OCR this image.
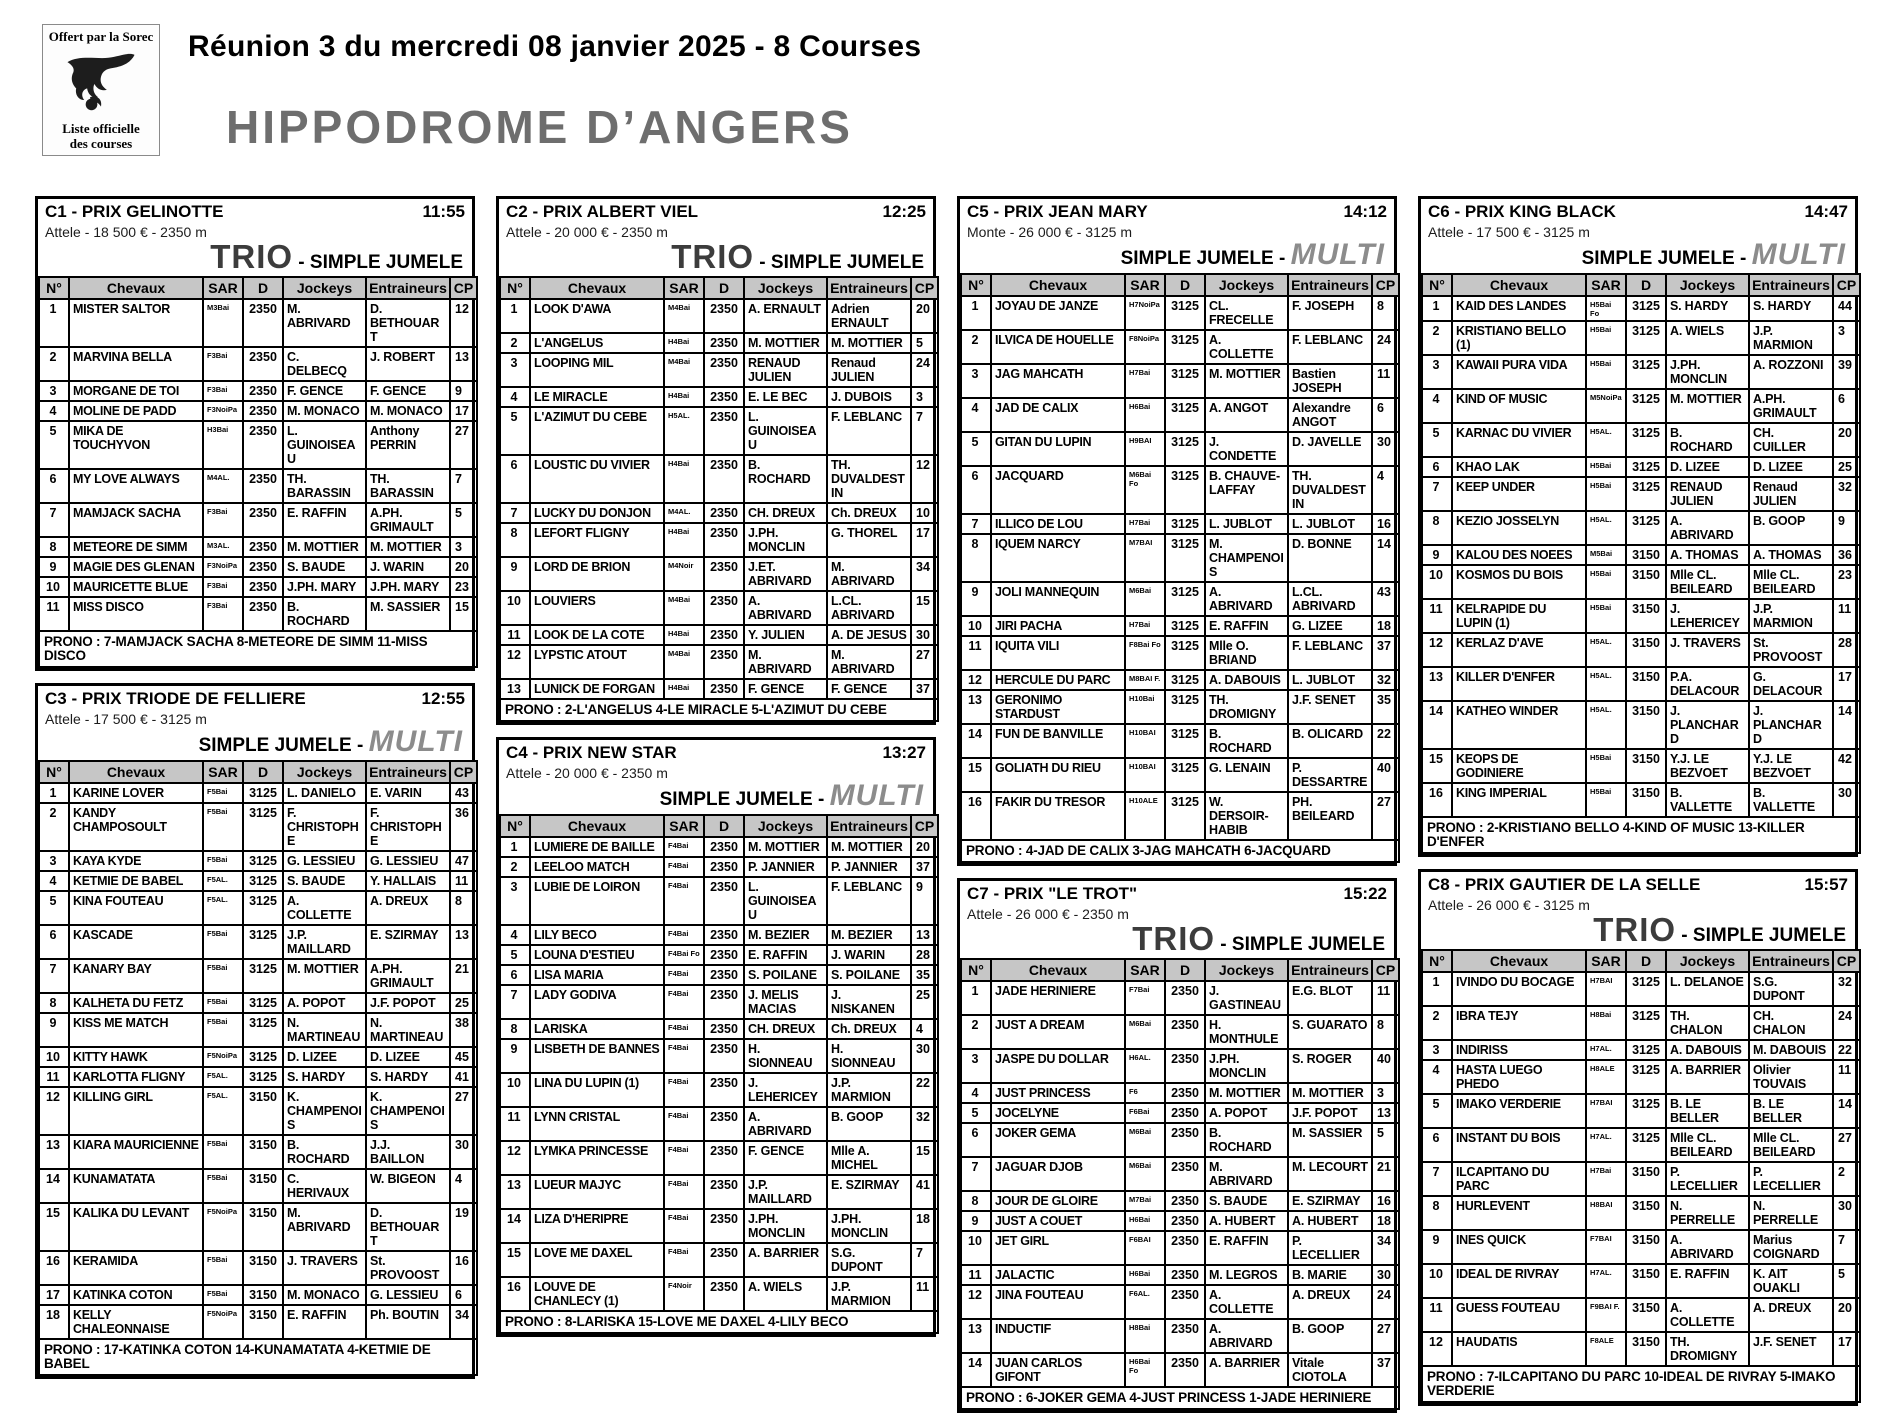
Offert par la Sorec
Liste officielle
des courses
Réunion 3 du mercredi 08 janvier 2025 - 8 Courses
HIPPODROME D’ANGERS
C1 - PRIX GELINOTTE	11:55
Attele - 18 500 € - 2350 m
TRIO - SIMPLE JUMELE
N°	Chevaux	SAR	D	Jockeys	Entraineurs	CP
1	MISTER SALTOR	M3Bai	2350	M. ABRIVARD	D. BETHOUART	12
2	MARVINA BELLA	F3Bai	2350	C. DELBECQ	J. ROBERT	13
3	MORGANE DE TOI	F3Bai	2350	F. GENCE	F. GENCE	9
4	MOLINE DE PADD	F3NoiPa	2350	M. MONACO	M. MONACO	17
5	MIKA DE TOUCHYVON	H3Bai	2350	L. GUINOISEAU	Anthony PERRIN	27
6	MY LOVE ALWAYS	M4AL.	2350	TH. BARASSIN	TH. BARASSIN	7
7	MAMJACK SACHA	F3Bai	2350	E. RAFFIN	A.PH. GRIMAULT	5
8	METEORE DE SIMM	M3AL.	2350	M. MOTTIER	M. MOTTIER	3
9	MAGIE DES GLENAN	F3NoiPa	2350	S. BAUDE	J. WARIN	20
10	MAURICETTE BLUE	F3Bai	2350	J.PH. MARY	J.PH. MARY	23
11	MISS DISCO	F3Bai	2350	B. ROCHARD	M. SASSIER	15
PRONO : 7-MAMJACK SACHA 8-METEORE DE SIMM 11-MISS DISCO						
C3 - PRIX TRIODE DE FELLIERE	12:55
Attele - 17 500 € - 3125 m
SIMPLE JUMELE - MULTI
N°	Chevaux	SAR	D	Jockeys	Entraineurs	CP
1	KARINE LOVER	F5Bai	3125	L. DANIELO	E. VARIN	43
2	KANDY CHAMPOSOULT	F5Bai	3125	F. CHRISTOPHE	F. CHRISTOPHE	36
3	KAYA KYDE	F5Bai	3125	G. LESSIEU	G. LESSIEU	47
4	KETMIE DE BABEL	F5AL.	3125	S. BAUDE	Y. HALLAIS	11
5	KINA FOUTEAU	F5AL.	3125	A. COLLETTE	A. DREUX	8
6	KASCADE	F5Bai	3125	J.P. MAILLARD	E. SZIRMAY	13
7	KANARY BAY	F5Bai	3125	M. MOTTIER	A.PH. GRIMAULT	21
8	KALHETA DU FETZ	F5Bai	3125	A. POPOT	J.F. POPOT	25
9	KISS ME MATCH	F5Bai	3125	N. MARTINEAU	N. MARTINEAU	38
10	KITTY HAWK	F5NoiPa	3125	D. LIZEE	D. LIZEE	45
11	KARLOTTA FLIGNY	F5AL.	3125	S. HARDY	S. HARDY	41
12	KILLING GIRL	F5AL.	3150	K. CHAMPENOIS	K. CHAMPENOIS	27
13	KIARA MAURICIENNE	F5Bai	3150	B. ROCHARD	J.J. BAILLON	30
14	KUNAMATATA	F5Bai	3150	C. HERIVAUX	W. BIGEON	4
15	KALIKA DU LEVANT	F5NoiPa	3150	M. ABRIVARD	D. BETHOUART	19
16	KERAMIDA	F5Bai	3150	J. TRAVERS	St. PROVOOST	16
17	KATINKA COTON	F5Bai	3150	M. MONACO	G. LESSIEU	6
18	KELLY CHALEONNAISE	F5NoiPa	3150	E. RAFFIN	Ph. BOUTIN	34
PRONO : 17-KATINKA COTON 14-KUNAMATATA 4-KETMIE DE BABEL						
C2 - PRIX ALBERT VIEL	12:25
Attele - 20 000 € - 2350 m
TRIO - SIMPLE JUMELE
N°	Chevaux	SAR	D	Jockeys	Entraineurs	CP
1	LOOK D'AWA	M4Bai	2350	A. ERNAULT	Adrien ERNAULT	20
2	L'ANGELUS	H4Bai	2350	M. MOTTIER	M. MOTTIER	5
3	LOOPING MIL	M4Bai	2350	RENAUD JULIEN	Renaud JULIEN	24
4	LE MIRACLE	H4Bai	2350	E. LE BEC	J. DUBOIS	3
5	L'AZIMUT DU CEBE	H5AL.	2350	L. GUINOISEAU	F. LEBLANC	7
6	LOUSTIC DU VIVIER	H4Bai	2350	B. ROCHARD	TH. DUVALDESTIN	12
7	LUCKY DU DONJON	M4AL.	2350	CH. DREUX	Ch. DREUX	10
8	LEFORT FLIGNY	H4Bai	2350	J.PH. MONCLIN	G. THOREL	17
9	LORD DE BRION	M4Noir	2350	J.ET. ABRIVARD	M. ABRIVARD	34
10	LOUVIERS	M4Bai	2350	A. ABRIVARD	L.CL. ABRIVARD	15
11	LOOK DE LA COTE	H4Bai	2350	Y. JULIEN	A. DE JESUS	30
12	LYPSTIC ATOUT	M4Bai	2350	M. ABRIVARD	M. ABRIVARD	27
13	LUNICK DE FORGAN	H4Bai	2350	F. GENCE	F. GENCE	37
PRONO : 2-L'ANGELUS 4-LE MIRACLE 5-L'AZIMUT DU CEBE						
C4 - PRIX NEW STAR	13:27
Attele - 20 000 € - 2350 m
SIMPLE JUMELE - MULTI
N°	Chevaux	SAR	D	Jockeys	Entraineurs	CP
1	LUMIERE DE BAILLE	F4Bai	2350	M. MOTTIER	M. MOTTIER	20
2	LEELOO MATCH	F4Bai	2350	P. JANNIER	P. JANNIER	37
3	LUBIE DE LOIRON	F4Bai	2350	L. GUINOISEAU	F. LEBLANC	9
4	LILY BECO	F4Bai	2350	M. BEZIER	M. BEZIER	13
5	LOUNA D'ESTIEU	F4Bai Fo	2350	E. RAFFIN	J. WARIN	28
6	LISA MARIA	F4Bai	2350	S. POILANE	S. POILANE	35
7	LADY GODIVA	F4Bai	2350	J. MELIS MACIAS	J. NISKANEN	25
8	LARISKA	F4Bai	2350	CH. DREUX	Ch. DREUX	4
9	LISBETH DE BANNES	F4Bai	2350	H. SIONNEAU	H. SIONNEAU	30
10	LINA DU LUPIN (1)	F4Bai	2350	J. LEHERICEY	J.P. MARMION	22
11	LYNN CRISTAL	F4Bai	2350	A. ABRIVARD	B. GOOP	32
12	LYMKA PRINCESSE	F4Bai	2350	F. GENCE	Mlle A. MICHEL	15
13	LUEUR MAJYC	F4Bai	2350	J.P. MAILLARD	E. SZIRMAY	41
14	LIZA D'HERIPRE	F4Bai	2350	J.PH. MONCLIN	J.PH. MONCLIN	18
15	LOVE ME DAXEL	F4Bai	2350	A. BARRIER	S.G. DUPONT	7
16	LOUVE DE CHANLECY (1)	F4Noir	2350	A. WIELS	J.P. MARMION	11
PRONO : 8-LARISKA 15-LOVE ME DAXEL 4-LILY BECO						
C5 - PRIX JEAN MARY	14:12
Monte - 26 000 € - 3125 m
SIMPLE JUMELE - MULTI
N°	Chevaux	SAR	D	Jockeys	Entraineurs	CP
1	JOYAU DE JANZE	H7NoiPa	3125	CL. FRECELLE	F. JOSEPH	8
2	ILVICA DE HOUELLE	F8NoiPa	3125	A. COLLETTE	F. LEBLANC	24
3	JAG MAHCATH	H7Bai	3125	M. MOTTIER	Bastien JOSEPH	11
4	JAD DE CALIX	H6Bai	3125	A. ANGOT	Alexandre ANGOT	6
5	GITAN DU LUPIN	H9BAI	3125	J. CONDETTE	D. JAVELLE	30
6	JACQUARD	M6Bai Fo	3125	B. CHAUVE-LAFFAY	TH. DUVALDESTIN	4
7	ILLICO DE LOU	H7Bai	3125	L. JUBLOT	L. JUBLOT	16
8	IQUEM NARCY	M7BAI	3125	M. CHAMPENOIS	D. BONNE	14
9	JOLI MANNEQUIN	M6Bai	3125	A. ABRIVARD	L.CL. ABRIVARD	43
10	JIRI PACHA	H7Bai	3125	E. RAFFIN	G. LIZEE	18
11	IQUITA VILI	F8Bai Fo	3125	Mlle O. BRIAND	F. LEBLANC	37
12	HERCULE DU PARC	M8BAI F.	3125	A. DABOUIS	L. JUBLOT	32
13	GERONIMO STARDUST	H10Bai	3125	TH. DROMIGNY	J.F. SENET	35
14	FUN DE BANVILLE	H10BAI	3125	B. ROCHARD	B. OLICARD	22
15	GOLIATH DU RIEU	H10BAI	3125	G. LENAIN	P. DESSARTRE	40
16	FAKIR DU TRESOR	H10ALE	3125	W. DERSOIR-HABIB	PH. BEILEARD	27
PRONO : 4-JAD DE CALIX 3-JAG MAHCATH 6-JACQUARD						
C7 - PRIX "LE TROT"	15:22
Attele - 26 000 € - 2350 m
TRIO - SIMPLE JUMELE
N°	Chevaux	SAR	D	Jockeys	Entraineurs	CP
1	JADE HERINIERE	F7Bai	2350	J. GASTINEAU	E.G. BLOT	11
2	JUST A DREAM	M6Bai	2350	H. MONTHULE	S. GUARATO	8
3	JASPE DU DOLLAR	H6AL.	2350	J.PH. MONCLIN	S. ROGER	40
4	JUST PRINCESS	F6	2350	M. MOTTIER	M. MOTTIER	3
5	JOCELYNE	F6Bai	2350	A. POPOT	J.F. POPOT	13
6	JOKER GEMA	M6Bai	2350	B. ROCHARD	M. SASSIER	5
7	JAGUAR DJOB	M6Bai	2350	M. ABRIVARD	M. LECOURT	21
8	JOUR DE GLOIRE	M7Bai	2350	S. BAUDE	E. SZIRMAY	16
9	JUST A COUET	H6Bai	2350	A. HUBERT	A. HUBERT	18
10	JET GIRL	F6BAI	2350	E. RAFFIN	P. LECELLIER	34
11	JALACTIC	H6Bai	2350	M. LEGROS	B. MARIE	30
12	JINA FOUTEAU	F6AL.	2350	A. COLLETTE	A. DREUX	24
13	INDUCTIF	H8Bai	2350	A. ABRIVARD	B. GOOP	27
14	JUAN CARLOS GIFONT	H6Bai Fo	2350	A. BARRIER	Vitale CIOTOLA	37
PRONO : 6-JOKER GEMA 4-JUST PRINCESS 1-JADE HERINIERE						
C6 - PRIX KING BLACK	14:47
Attele - 17 500 € - 3125 m
SIMPLE JUMELE - MULTI
N°	Chevaux	SAR	D	Jockeys	Entraineurs	CP
1	KAID DES LANDES	H5Bai Fo	3125	S. HARDY	S. HARDY	44
2	KRISTIANO BELLO (1)	H5Bai	3125	A. WIELS	J.P. MARMION	3
3	KAWAII PURA VIDA	H5Bai	3125	J.PH. MONCLIN	A. ROZZONI	39
4	KIND OF MUSIC	M5NoiPa	3125	M. MOTTIER	A.PH. GRIMAULT	6
5	KARNAC DU VIVIER	H5AL.	3125	B. ROCHARD	CH. CUILLER	20
6	KHAO LAK	H5Bai	3125	D. LIZEE	D. LIZEE	25
7	KEEP UNDER	H5Bai	3125	RENAUD JULIEN	Renaud JULIEN	32
8	KEZIO JOSSELYN	H5AL.	3125	A. ABRIVARD	B. GOOP	9
9	KALOU DES NOEES	M5Bai	3150	A. THOMAS	A. THOMAS	36
10	KOSMOS DU BOIS	H5Bai	3150	Mlle CL. BEILEARD	Mlle CL. BEILEARD	23
11	KELRAPIDE DU LUPIN (1)	H5Bai	3150	J. LEHERICEY	J.P. MARMION	11
12	KERLAZ D'AVE	H5AL.	3150	J. TRAVERS	St. PROVOOST	28
13	KILLER D'ENFER	H5AL.	3150	P.A. DELACOUR	G. DELACOUR	17
14	KATHEO WINDER	H5AL.	3150	J. PLANCHARD	J. PLANCHARD	14
15	KEOPS DE GODINIERE	H5Bai	3150	Y.J. LE BEZVOET	Y.J. LE BEZVOET	42
16	KING IMPERIAL	H5Bai	3150	B. VALLETTE	B. VALLETTE	30
PRONO : 2-KRISTIANO BELLO 4-KIND OF MUSIC 13-KILLER D'ENFER						
C8 - PRIX GAUTIER DE LA SELLE	15:57
Attele - 26 000 € - 3125 m
TRIO - SIMPLE JUMELE
N°	Chevaux	SAR	D	Jockeys	Entraineurs	CP
1	IVINDO DU BOCAGE	H7BAI	3125	L. DELANOE	S.G. DUPONT	32
2	IBRA TEJY	H8Bai	3125	TH. CHALON	CH. CHALON	24
3	INDIRISS	H7AL.	3125	A. DABOUIS	M. DABOUIS	22
4	HASTA LUEGO PHEDO	H8ALE	3125	A. BARRIER	Olivier TOUVAIS	11
5	IMAKO VERDERIE	H7BAI	3125	B. LE BELLER	B. LE BELLER	14
6	INSTANT DU BOIS	H7AL.	3125	Mlle CL. BEILEARD	Mlle CL. BEILEARD	27
7	ILCAPITANO DU PARC	H7Bai	3150	P. LECELLIER	P. LECELLIER	2
8	HURLEVENT	H8BAI	3150	N. PERRELLE	N. PERRELLE	30
9	INES QUICK	F7BAI	3150	A. ABRIVARD	Marius COIGNARD	7
10	IDEAL DE RIVRAY	H7AL.	3150	E. RAFFIN	K. AIT OUAKLI	5
11	GUESS FOUTEAU	F9BAI F.	3150	A. COLLETTE	A. DREUX	20
12	HAUDATIS	F8ALE	3150	TH. DROMIGNY	J.F. SENET	17
PRONO : 7-ILCAPITANO DU PARC 10-IDEAL DE RIVRAY 5-IMAKO VERDERIE						
